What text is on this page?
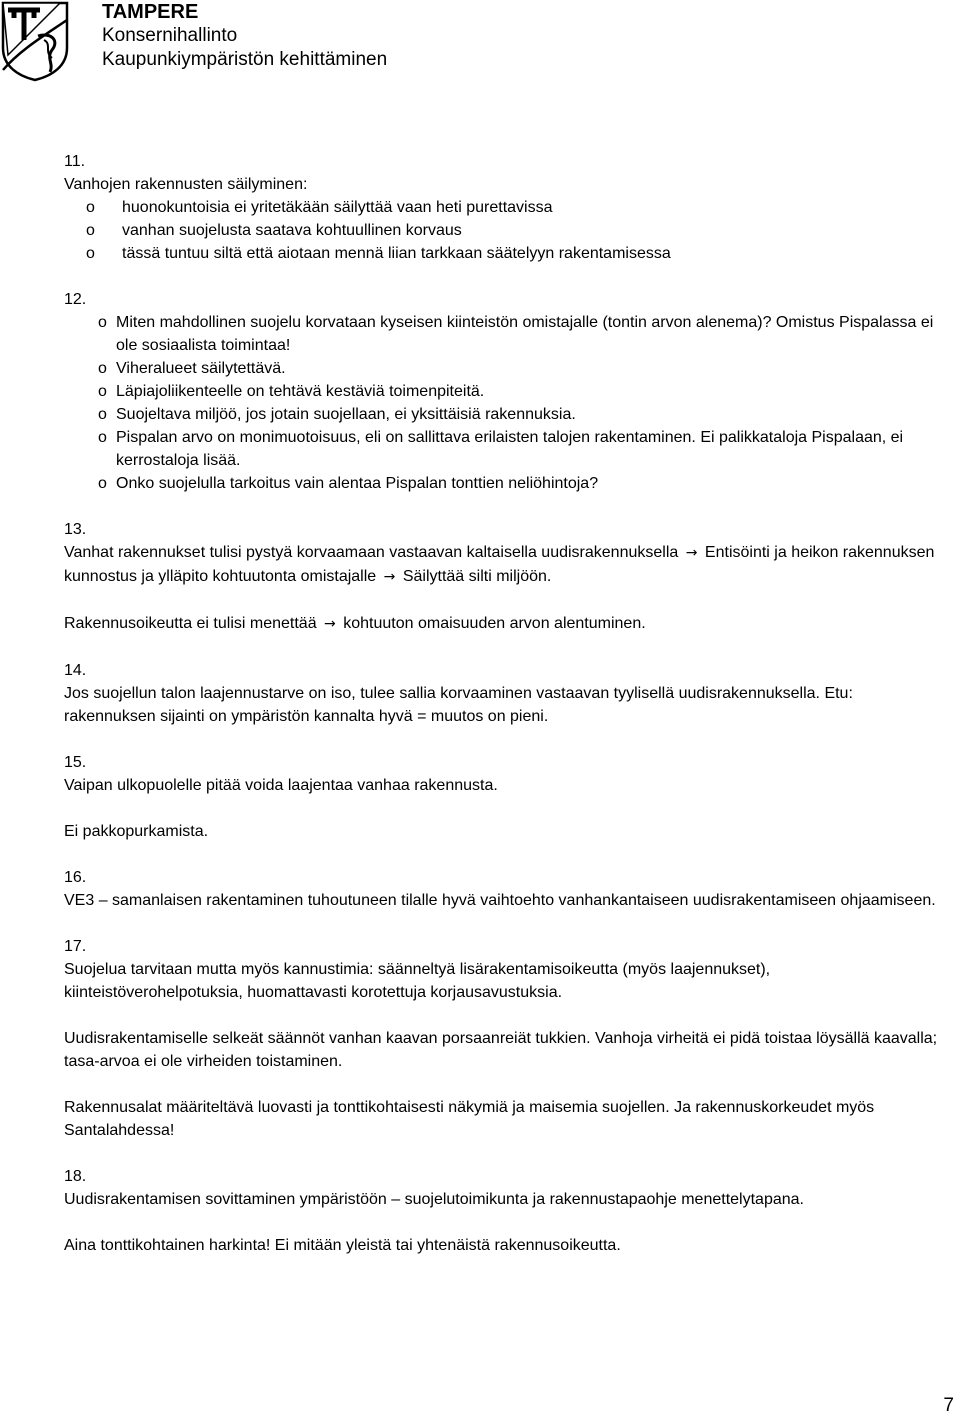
TAMPERE
Konsernihallinto
Kaupunkiympäristön kehittäminen
11.
Vanhojen rakennusten säilyminen:
o huonokuntoisia ei yritetäkään säilyttää vaan heti purettavissa
o vanhan suojelusta saatava kohtuullinen korvaus
o tässä tuntuu siltä että aiotaan mennä liian tarkkaan säätelyyn rakentamisessa
12.
o Miten mahdollinen suojelu korvataan kyseisen kiinteistön omistajalle (tontin arvon alenema)? Omistus Pispalassa ei ole sosiaalista toimintaa!
o Viheralueet säilytettävä.
o Läpiajoliikenteelle on tehtävä kestäviä toimenpiteitä.
o Suojeltava miljöö, jos jotain suojellaan, ei yksittäisiä rakennuksia.
o Pispalan arvo on monimuotoisuus, eli on sallittava erilaisten talojen rakentaminen. Ei palikkataloja Pispalaan, ei kerrostaloja lisää.
o Onko suojelulla tarkoitus vain alentaa Pispalan tonttien neliöhintoja?
13.
Vanhat rakennukset tulisi pystyä korvaamaan vastaavan kaltaisella uudisrakennuksella → Entisöinti ja heikon rakennuksen kunnostus ja ylläpito kohtuutonta omistajalle → Säilyttää silti miljöön.
Rakennusoikeutta ei tulisi menettää → kohtuuton omaisuuden arvon alentuminen.
14.
Jos suojellun talon laajennustarve on iso, tulee sallia korvaaminen vastaavan tyylisellä uudisrakennuksella. Etu: rakennuksen sijainti on ympäristön kannalta hyvä = muutos on pieni.
15.
Vaipan ulkopuolelle pitää voida laajentaa vanhaa rakennusta.
Ei pakkopurkamista.
16.
VE3 – samanlaisen rakentaminen tuhoutuneen tilalle hyvä vaihtoehto vanhankantaiseen uudisrakentamiseen ohjaamiseen.
17.
Suojelua tarvitaan mutta myös kannustimia: säänneltyä lisärakentamisoikeutta (myös laajennukset), kiinteistöverohelpotuksia, huomattavasti korotettuja korjausavustuksia.
Uudisrakentamiselle selkeät säännöt vanhan kaavan porsaanreiät tukkien. Vanhoja virheitä ei pidä toistaa löysällä kaavalla; tasa-arvoa ei ole virheiden toistaminen.
Rakennusalat määriteltävä luovasti ja tonttikohtaisesti näkymiä ja maisemia suojellen. Ja rakennuskorkeudet myös Santalahdessa!
18.
Uudisrakentamisen sovittaminen ympäristöön – suojelutoimikunta ja rakennustapaohje menettelytapana.
Aina tonttikohtainen harkinta! Ei mitään yleistä tai yhtenäistä rakennusoikeutta.
7
